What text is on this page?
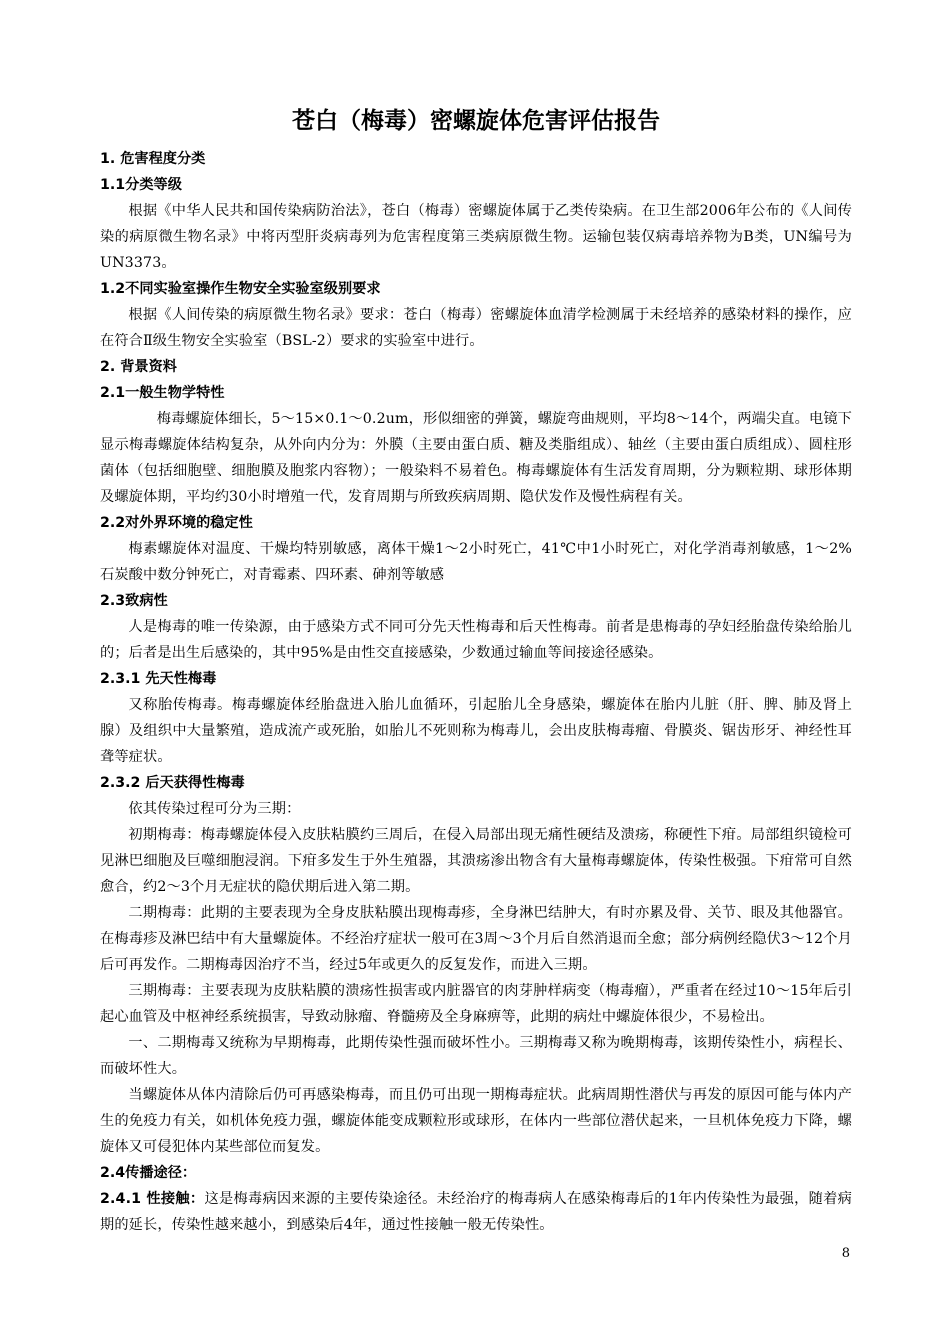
苍白（梅毒）密螺旋体危害评估报告

1. 危害程度分类

1.1分类等级

根据《中华人民共和国传染病防治法》，苍白（梅毒）密螺旋体属于乙类传染病。在卫生部2006年公布的《人间传染的病原微生物名录》中将丙型肝炎病毒列为危害程度第三类病原微生物。运输包装仅病毒培养物为B类，UN编号为UN3373。

1.2不同实验室操作生物安全实验室级别要求

根据《人间传染的病原微生物名录》要求：苍白（梅毒）密螺旋体血清学检测属于未经培养的感染材料的操作，应在符合Ⅱ级生物安全实验室（BSL-2）要求的实验室中进行。

2. 背景资料

2.1一般生物学特性

梅毒螺旋体细长，5～15×0.1～0.2um，形似细密的弹簧，螺旋弯曲规则，平均8～14个，两端尖直。电镜下显示梅毒螺旋体结构复杂，从外向内分为：外膜（主要由蛋白质、糖及类脂组成）、轴丝（主要由蛋白质组成）、圆柱形菌体（包括细胞壁、细胞膜及胞浆内容物）；一般染料不易着色。梅毒螺旋体有生活发育周期，分为颗粒期、球形体期及螺旋体期，平均约30小时增殖一代，发育周期与所致疾病周期、隐伏发作及慢性病程有关。

2.2对外界环境的稳定性

梅素螺旋体对温度、干燥均特别敏感，离体干燥1～2小时死亡，41℃中1小时死亡，对化学消毒剂敏感，1～2%石炭酸中数分钟死亡，对青霉素、四环素、砷剂等敏感

2.3致病性

人是梅毒的唯一传染源，由于感染方式不同可分先天性梅毒和后天性梅毒。前者是患梅毒的孕妇经胎盘传染给胎儿的；后者是出生后感染的，其中95%是由性交直接感染，少数通过输血等间接途径感染。

2.3.1 先天性梅毒

又称胎传梅毒。梅毒螺旋体经胎盘进入胎儿血循环，引起胎儿全身感染，螺旋体在胎内儿脏（肝、脾、肺及肾上腺）及组织中大量繁殖，造成流产或死胎，如胎儿不死则称为梅毒儿，会出皮肤梅毒瘤、骨膜炎、锯齿形牙、神经性耳聋等症状。

2.3.2 后天获得性梅毒

依其传染过程可分为三期：

初期梅毒：梅毒螺旋体侵入皮肤粘膜约三周后，在侵入局部出现无痛性硬结及溃疡，称硬性下疳。局部组织镜检可见淋巴细胞及巨噬细胞浸润。下疳多发生于外生殖器，其溃疡渗出物含有大量梅毒螺旋体，传染性极强。下疳常可自然愈合，约2～3个月无症状的隐伏期后进入第二期。

二期梅毒：此期的主要表现为全身皮肤粘膜出现梅毒疹，全身淋巴结肿大，有时亦累及骨、关节、眼及其他器官。在梅毒疹及淋巴结中有大量螺旋体。不经治疗症状一般可在3周～3个月后自然消退而全愈；部分病例经隐伏3～12个月后可再发作。二期梅毒因治疗不当，经过5年或更久的反复发作，而进入三期。

三期梅毒：主要表现为皮肤粘膜的溃疡性损害或内脏器官的肉芽肿样病变（梅毒瘤），严重者在经过10～15年后引起心血管及中枢神经系统损害，导致动脉瘤、脊髓痨及全身麻痹等，此期的病灶中螺旋体很少，不易检出。

一、二期梅毒又统称为早期梅毒，此期传染性强而破坏性小。三期梅毒又称为晚期梅毒，该期传染性小，病程长、而破坏性大。

当螺旋体从体内清除后仍可再感染梅毒，而且仍可出现一期梅毒症状。此病周期性潜伏与再发的原因可能与体内产生的免疫力有关，如机体免疫力强，螺旋体能变成颗粒形或球形，在体内一些部位潜伏起来，一旦机体免疫力下降，螺旋体又可侵犯体内某些部位而复发。

2.4传播途径：

2.4.1 性接触：这是梅毒病因来源的主要传染途径。未经治疗的梅毒病人在感染梅毒后的1年内传染性为最强，随着病期的延长，传染性越来越小，到感染后4年，通过性接触一般无传染性。

8
